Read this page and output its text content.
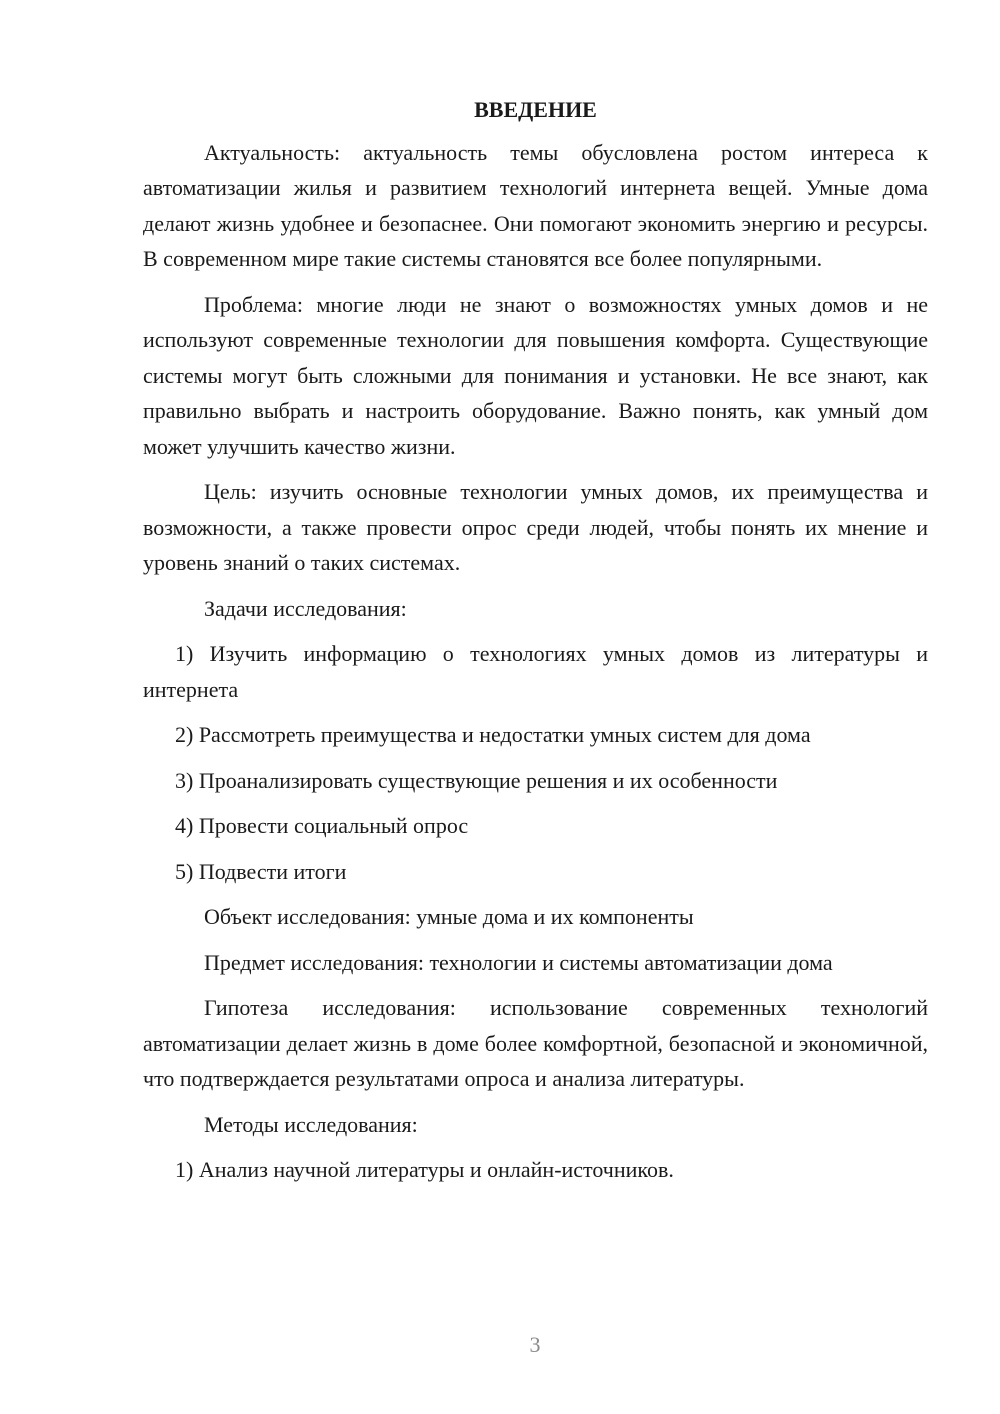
ВВЕДЕНИЕ

Актуальность: актуальность темы обусловлена ростом интереса к автоматизации жилья и развитием технологий интернета вещей. Умные дома делают жизнь удобнее и безопаснее. Они помогают экономить энергию и ресурсы. В современном мире такие системы становятся все более популярными.

Проблема: многие люди не знают о возможностях умных домов и не используют современные технологии для повышения комфорта. Существующие системы могут быть сложными для понимания и установки. Не все знают, как правильно выбрать и настроить оборудование. Важно понять, как умный дом может улучшить качество жизни.

Цель: изучить основные технологии умных домов, их преимущества и возможности, а также провести опрос среди людей, чтобы понять их мнение и уровень знаний о таких системах.

Задачи исследования:

1) Изучить информацию о технологиях умных домов из литературы и интернета

2) Рассмотреть преимущества и недостатки умных систем для дома

3) Проанализировать существующие решения и их особенности

4) Провести социальный опрос

5) Подвести итоги

Объект исследования: умные дома и их компоненты

Предмет исследования: технологии и системы автоматизации дома

Гипотеза исследования: использование современных технологий автоматизации делает жизнь в доме более комфортной, безопасной и экономичной, что подтверждается результатами опроса и анализа литературы.

Методы исследования:

1) Анализ научной литературы и онлайн-источников.

3
